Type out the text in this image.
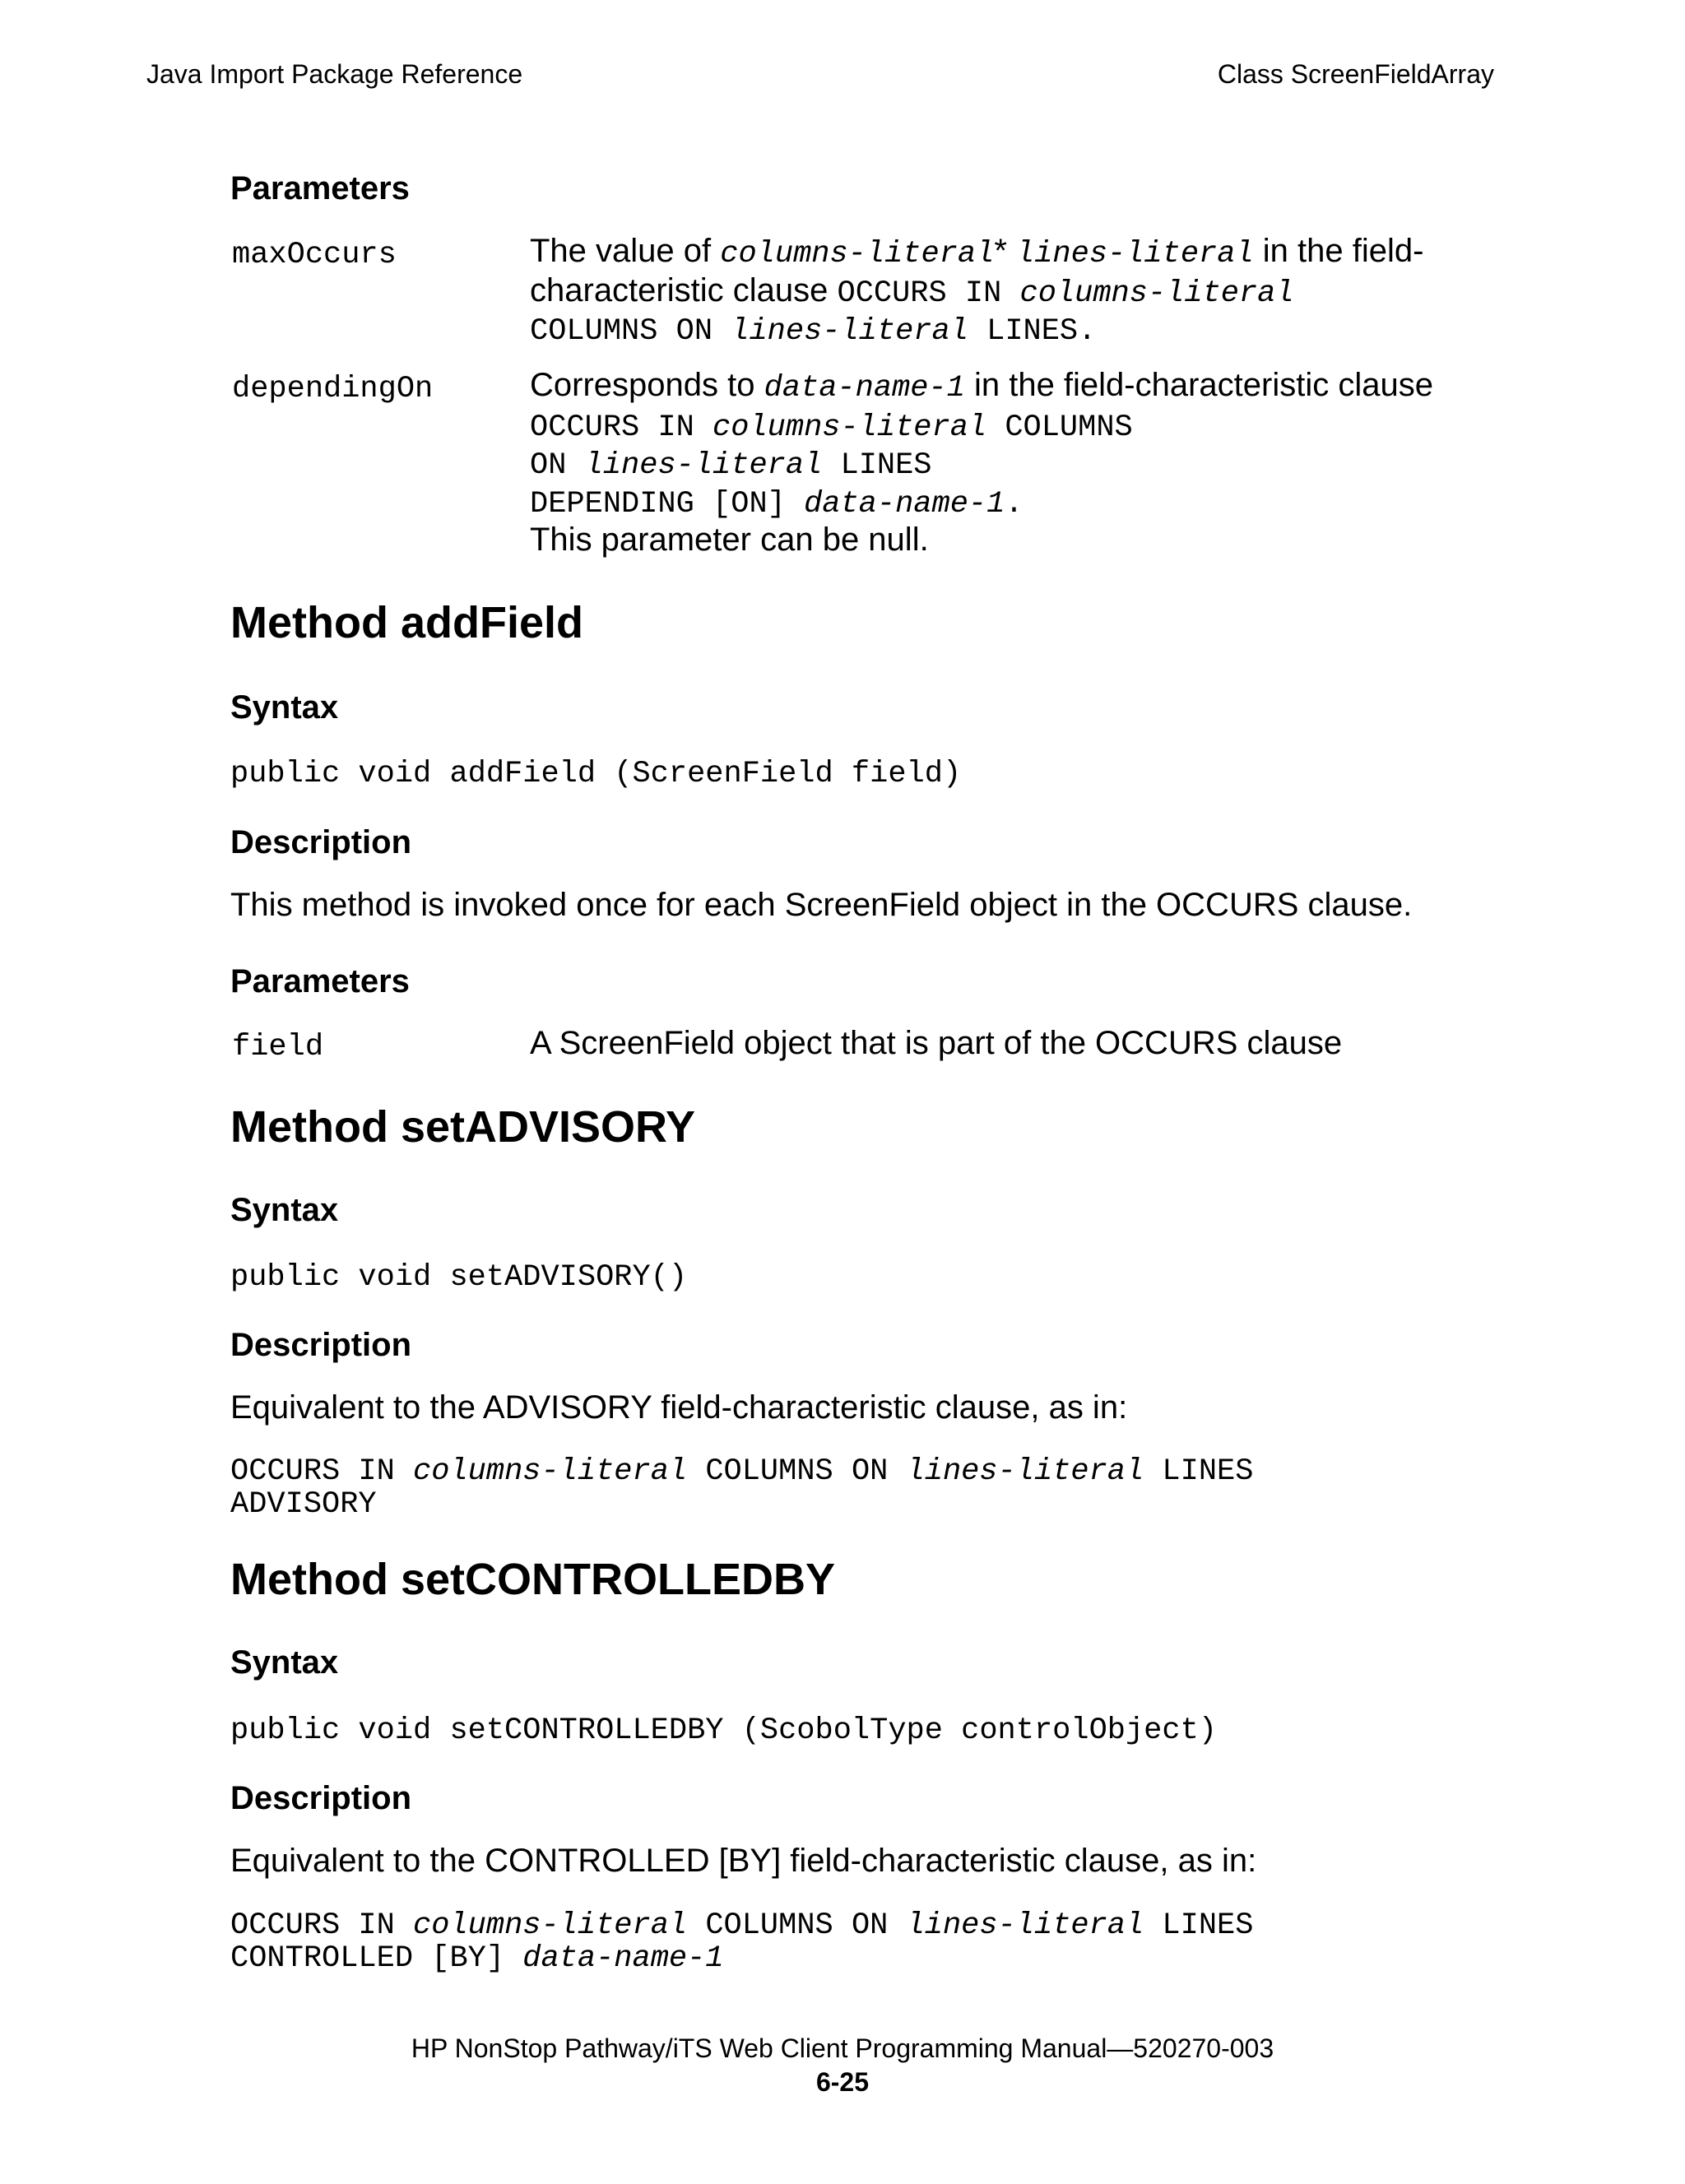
Java Import Package Reference	Class ScreenFieldArray
Parameters
maxOccurs	The value of columns-literal* lines-literal in the field-
characteristic clause OCCURS IN columns-literal
COLUMNS ON lines-literal LINES.
dependingOn	Corresponds to data-name-1 in the field-characteristic clause
OCCURS IN columns-literal COLUMNS
ON lines-literal LINES
DEPENDING [ON] data-name-1.
This parameter can be null.
Method addField
Syntax
public void addField (ScreenField field)
Description
This method is invoked once for each ScreenField object in the OCCURS clause.
Parameters
field	A ScreenField object that is part of the OCCURS clause
Method setADVISORY
Syntax
public void setADVISORY()
Description
Equivalent to the ADVISORY field-characteristic clause, as in:
OCCURS IN columns-literal COLUMNS ON lines-literal LINES
ADVISORY
Method setCONTROLLEDBY
Syntax
public void setCONTROLLEDBY (ScobolType controlObject)
Description
Equivalent to the CONTROLLED [BY] field-characteristic clause, as in:
OCCURS IN columns-literal COLUMNS ON lines-literal LINES
CONTROLLED [BY] data-name-1
HP NonStop Pathway/iTS Web Client Programming Manual—520270-003
6-25
